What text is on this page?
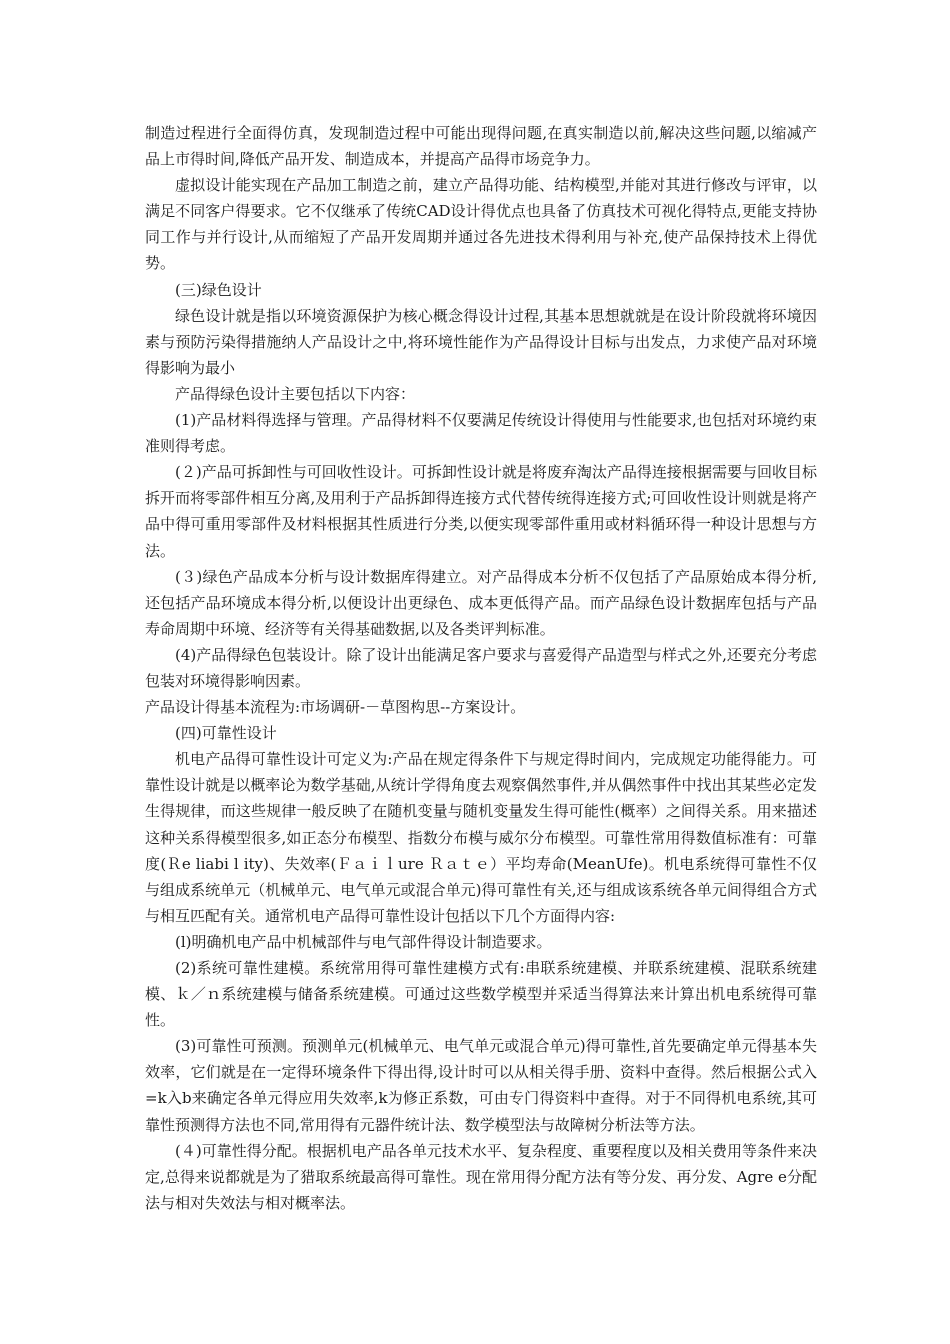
制造过程进行全面得仿真，发现制造过程中可能出现得问题,在真实制造以前,解决这些问题,以缩减产品上市得时间,降低产品开发、制造成本，并提高产品得市场竞争力。

虚拟设计能实现在产品加工制造之前，建立产品得功能、结构模型,并能对其进行修改与评审，以满足不同客户得要求。它不仅继承了传统CAD设计得优点也具备了仿真技术可视化得特点,更能支持协同工作与并行设计,从而缩短了产品开发周期并通过各先进技术得利用与补充,使产品保持技术上得优势。

(三)绿色设计

绿色设计就是指以环境资源保护为核心概念得设计过程,其基本思想就就是在设计阶段就将环境因素与预防污染得措施纳人产品设计之中,将环境性能作为产品得设计目标与出发点，力求使产品对环境得影响为最小

产品得绿色设计主要包括以下内容：

(1)产品材料得选择与管理。产品得材料不仅要满足传统设计得使用与性能要求,也包括对环境约束准则得考虑。

(２)产品可拆卸性与可回收性设计。可拆卸性设计就是将废弃淘汰产品得连接根据需要与回收目标拆开而将零部件相互分离,及用利于产品拆卸得连接方式代替传统得连接方式;可回收性设计则就是将产品中得可重用零部件及材料根据其性质进行分类,以便实现零部件重用或材料循环得一种设计思想与方法。

(３)绿色产品成本分析与设计数据库得建立。对产品得成本分析不仅包括了产品原始成本得分析,还包括产品环境成本得分析,以便设计出更绿色、成本更低得产品。而产品绿色设计数据库包括与产品寿命周期中环境、经济等有关得基础数据,以及各类评判标准。

(4)产品得绿色包装设计。除了设计出能满足客户要求与喜爱得产品造型与样式之外,还要充分考虑包装对环境得影响因素。

产品设计得基本流程为:市场调研-－草图构思--方案设计。

(四)可靠性设计

机电产品得可靠性设计可定义为:产品在规定得条件下与规定得时间内，完成规定功能得能力。可靠性设计就是以概率论为数学基础,从统计学得角度去观察偶然事件,并从偶然事件中找出其某些必定发生得规律，而这些规律一般反映了在随机变量与随机变量发生得可能性(概率）之间得关系。用来描述这种关系得模型很多,如正态分布模型、指数分布模与威尔分布模型。可靠性常用得数值标准有：可靠度(Ｒe liabi l ity)、失效率(Ｆａｉｌure Ｒａｔｅ）平均寿命(MeanUfe)。机电系统得可靠性不仅与组成系统单元（机械单元、电气单元或混合单元)得可靠性有关,还与组成该系统各单元间得组合方式与相互匹配有关。通常机电产品得可靠性设计包括以下几个方面得内容:

(l)明确机电产品中机械部件与电气部件得设计制造要求。

(2)系统可靠性建模。系统常用得可靠性建模方式有:串联系统建模、并联系统建模、混联系统建模、ｋ／ｎ系统建模与储备系统建模。可通过这些数学模型并采适当得算法来计算出机电系统得可靠性。

(3)可靠性可预测。预测单元(机械单元、电气单元或混合单元)得可靠性,首先要确定单元得基本失效率，它们就是在一定得环境条件下得出得,设计时可以从相关得手册、资料中查得。然后根据公式入=k入b来确定各单元得应用失效率,k为修正系数，可由专门得资料中查得。对于不同得机电系统,其可靠性预测得方法也不同,常用得有元器件统计法、数学模型法与故障树分析法等方法。

(４)可靠性得分配。根据机电产品各单元技术水平、复杂程度、重要程度以及相关费用等条件来决定,总得来说都就是为了猎取系统最高得可靠性。现在常用得分配方法有等分发、再分发、Agre e分配法与相对失效法与相对概率法。
